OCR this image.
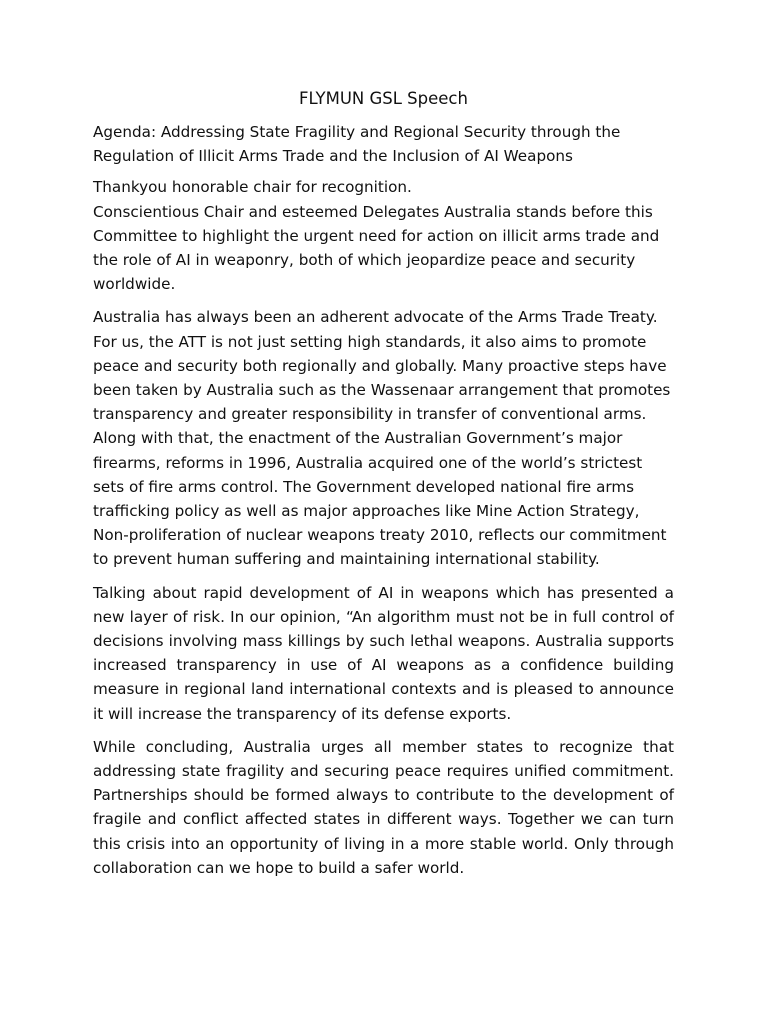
FLYMUN GSL Speech

Agenda: Addressing State Fragility and Regional Security through the Regulation of Illicit Arms Trade and the Inclusion of AI Weapons

Thankyou honorable chair for recognition.

Conscientious Chair and esteemed Delegates Australia stands before this Committee to highlight the urgent need for action on illicit arms trade and the role of AI in weaponry, both of which jeopardize peace and security worldwide.

Australia has always been an adherent advocate of the Arms Trade Treaty. For us, the ATT is not just setting high standards, it also aims to promote peace and security both regionally and globally. Many proactive steps have been taken by Australia such as the Wassenaar arrangement that promotes transparency and greater responsibility in transfer of conventional arms. Along with that, the enactment of the Australian Government’s major firearms, reforms in 1996, Australia acquired one of the world’s strictest sets of fire arms control. The Government developed national fire arms trafficking policy as well as major approaches like Mine Action Strategy, Non-proliferation of nuclear weapons treaty 2010, reflects our commitment to prevent human suffering and maintaining international stability.

Talking about rapid development of AI in weapons which has presented a new layer of risk. In our opinion, “An algorithm must not be in full control of decisions involving mass killings by such lethal weapons. Australia supports increased transparency in use of AI weapons as a confidence building measure in regional land international contexts and is pleased to announce it will increase the transparency of its defense exports.

While concluding, Australia urges all member states to recognize that addressing state fragility and securing peace requires unified commitment. Partnerships should be formed always to contribute to the development of fragile and conflict affected states in different ways. Together we can turn this crisis into an opportunity of living in a more stable world. Only through collaboration can we hope to build a safer world.
